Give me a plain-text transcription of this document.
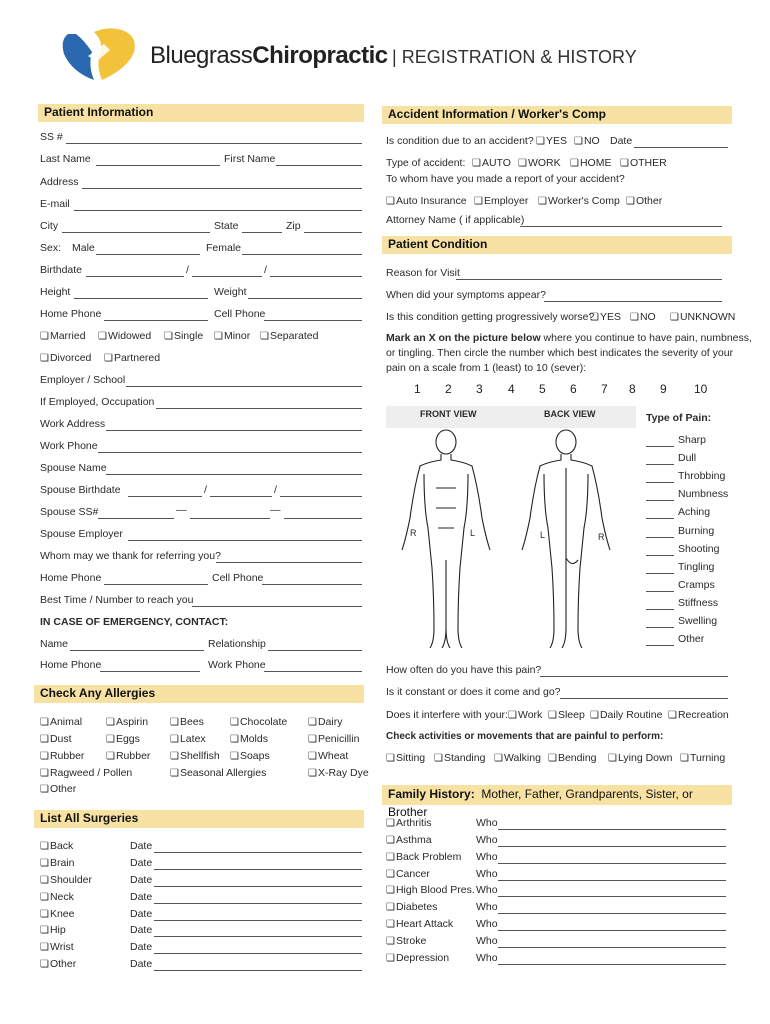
BluegrassChiropractic | REGISTRATION & HISTORY
Patient Information
SS #
Last Name	First Name
Address
E-mail
City	State	Zip
Sex: Male	Female
Birthdate	/	/
Height	Weight
Home Phone	Cell Phone
❏ Married	❏ Widowed	❏ Single	❏ Minor	❏ Separated
❏ Divorced	❏ Partnered
Employer / School
If Employed, Occupation
Work Address
Work Phone
Spouse Name
Spouse Birthdate	/	/
Spouse SS#	—	—
Spouse Employer
Whom may we thank for referring you?
Home Phone	Cell Phone
Best Time / Number to reach you
IN CASE OF EMERGENCY, CONTACT:
Name	Relationship
Home Phone	Work Phone
Check Any Allergies
❏ Animal	❏ Aspirin	❏ Bees	❏ Chocolate	❏ Dairy
❏ Dust	❏ Eggs	❏ Latex	❏ Molds	❏ Penicillin
❏ Rubber	❏ Rubber	❏ Shellfish	❏ Soaps	❏ Wheat
❏ Ragweed / Pollen	❏ Seasonal Allergies	❏ X-Ray Dye
❏ Other
List All Surgeries
❏ Back	Date
❏ Brain	Date
❏ Shoulder	Date
❏ Neck	Date
❏ Knee	Date
❏ Hip	Date
❏ Wrist	Date
❏ Other	Date
Accident Information / Worker's Comp
Is condition due to an accident?	❏ YES	❏ NO Date
Type of accident:	❏ AUTO	❏ WORK	❏ HOME	❏ OTHER
To whom have you made a report of your accident?
❏ Auto Insurance	❏ Employer	❏ Worker's Comp	❏ Other
Attorney Name ( if applicable)
Patient Condition
Reason for Visit
When did your symptoms appear?
Is this condition getting progressively worse? ❏ YES	❏ NO	❏ UNKNOWN
Mark an X on the picture below where you continue to have pain, numbness,
or tingling. Then circle the number which best indicates the severity of your
pain on a scale from 1 (least) to 10 (sever):
1 2 3 4 5 6 7 8 9 10
FRONT VIEW	BACK VIEW
R	L	L	R
Type of Pain:
Sharp
Dull
Throbbing
Numbness
Aching
Burning
Shooting
Tingling
Cramps
Stiffness
Swelling
Other
How often do you have this pain?
Is it constant or does it come and go?
Does it interfere with your: ❏ Work	❏ Sleep	❏ Daily Routine	❏ Recreation
Check activities or movements that are painful to perform:
❏ Sitting	❏ Standing	❏ Walking	❏ Bending	❏ Lying Down	❏ Turning
Family History: Mother, Father, Grandparents, Sister, or Brother
❏ Arthritis	Who
❏ Asthma	Who
❏ Back Problem Who
❏ Cancer	Who
❏ High Blood Pres. Who
❏ Diabetes	Who
❏ Heart Attack Who
❏ Stroke	Who
❏ Depression	Who
